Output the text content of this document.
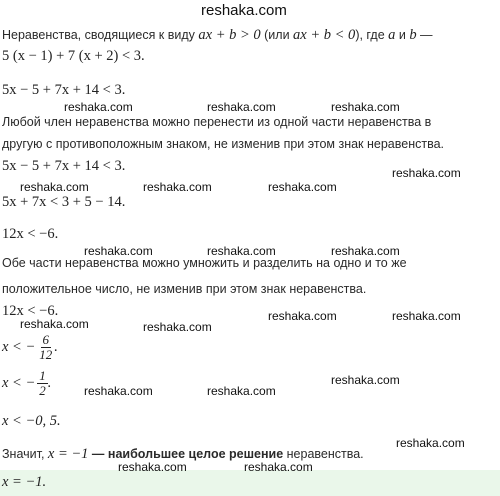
reshaka.com
Неравенства, сводящиеся к виду ax + b > 0 (или ax + b < 0), где a и b —
5 (x − 1) + 7 (x + 2) < 3.
5x − 5 + 7x + 14 < 3.
reshaka.com	reshaka.com	reshaka.com
Любой член неравенства можно перенести из одной части неравенства в
другую с противоположным знаком, не изменив при этом знак неравенства.
5x − 5 + 7x + 14 < 3.	reshaka.com
reshaka.com	reshaka.com	reshaka.com
5x + 7x < 3 + 5 − 14.
12x < −6.
reshaka.com	reshaka.com	reshaka.com
Обе части неравенства можно умножить и разделить на одно и то же
положительное число, не изменив при этом знак неравенства.
12x < −6.	reshaka.com	reshaka.com
reshaka.com	reshaka.com
x < − $\frac{6}{12}$ .
x < − $\frac{1}{2}$ .	reshaka.com
reshaka.com	reshaka.com
x < −0, 5.
reshaka.com
Значит, x = −1 — наибольшее целое решение неравенства.
reshaka.com	reshaka.com
x = −1.
